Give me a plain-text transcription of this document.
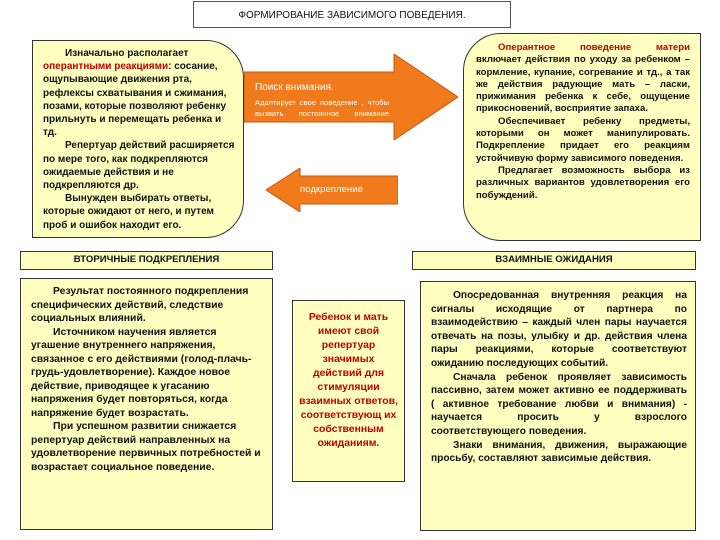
ФОРМИРОВАНИЕ ЗАВИСИМОГО ПОВЕДЕНИЯ.

Изначально располагает оперантными реакциями: сосание, ощупывающие движения рта, рефлексы схватывания и сжимания, позами, которые позволяют ребенку прильнуть и перемещать ребенка и тд.

Репертуар действий расширяется по мере того, как подкрепляются ожидаемые действия и не подкрепляются др.

Вынужден выбирать ответы, которые ожидают от него, и путем проб и ошибок находит его.

Поиск внимания.
Адаптирует свое поведение , чтобы вызвать постоянное внимание
подкрепление

Оперантное поведение матери включает действия по уходу за ребенком – кормление, купание, согревание и тд., а так же действия радующие мать – ласки, прижимания ребенка к себе, ощущение прикосновений, восприятие запаха.

Обеспечивает ребенку предметы, которыми он может манипулировать. Подкрепление придает его реакциям устойчивую форму зависимого поведения.

Предлагает возможность выбора из различных вариантов удовлетворения его побуждений.

ВТОРИЧНЫЕ ПОДКРЕПЛЕНИЯ	ВЗАИМНЫЕ ОЖИДАНИЯ

Результат постоянного подкрепления специфических действий, следствие социальных влияний.

Источником научения является угашение внутреннего напряжения, связанное с его действиями (голод-плачь-грудь-удовлетворение). Каждое новое действие, приводящее к угасанию напряжения будет повторяться, когда напряжение будет возрастать.

При успешном развитии снижается репертуар действий направленных на удовлетворение первичных потребностей и возрастает социальное поведение.

Ребенок и мать имеют свой репертуар значимых действий для стимуляции взаимных ответов, соответствующ их собственным ожиданиям.

Опосредованная внутренняя реакция на сигналы исходящие от партнера по взаимодействию – каждый член пары научается отвечать на позы, улыбку и др. действия члена пары реакциями, которые соответствуют ожиданию последующих событий.

Сначала ребенок проявляет зависимость пассивно, затем может активно ее поддерживать ( активное требование любви и внимания) - научается просить у взрослого соответствующего поведения.

Знаки внимания, движения, выражающие просьбу, составляют зависимые действия.
